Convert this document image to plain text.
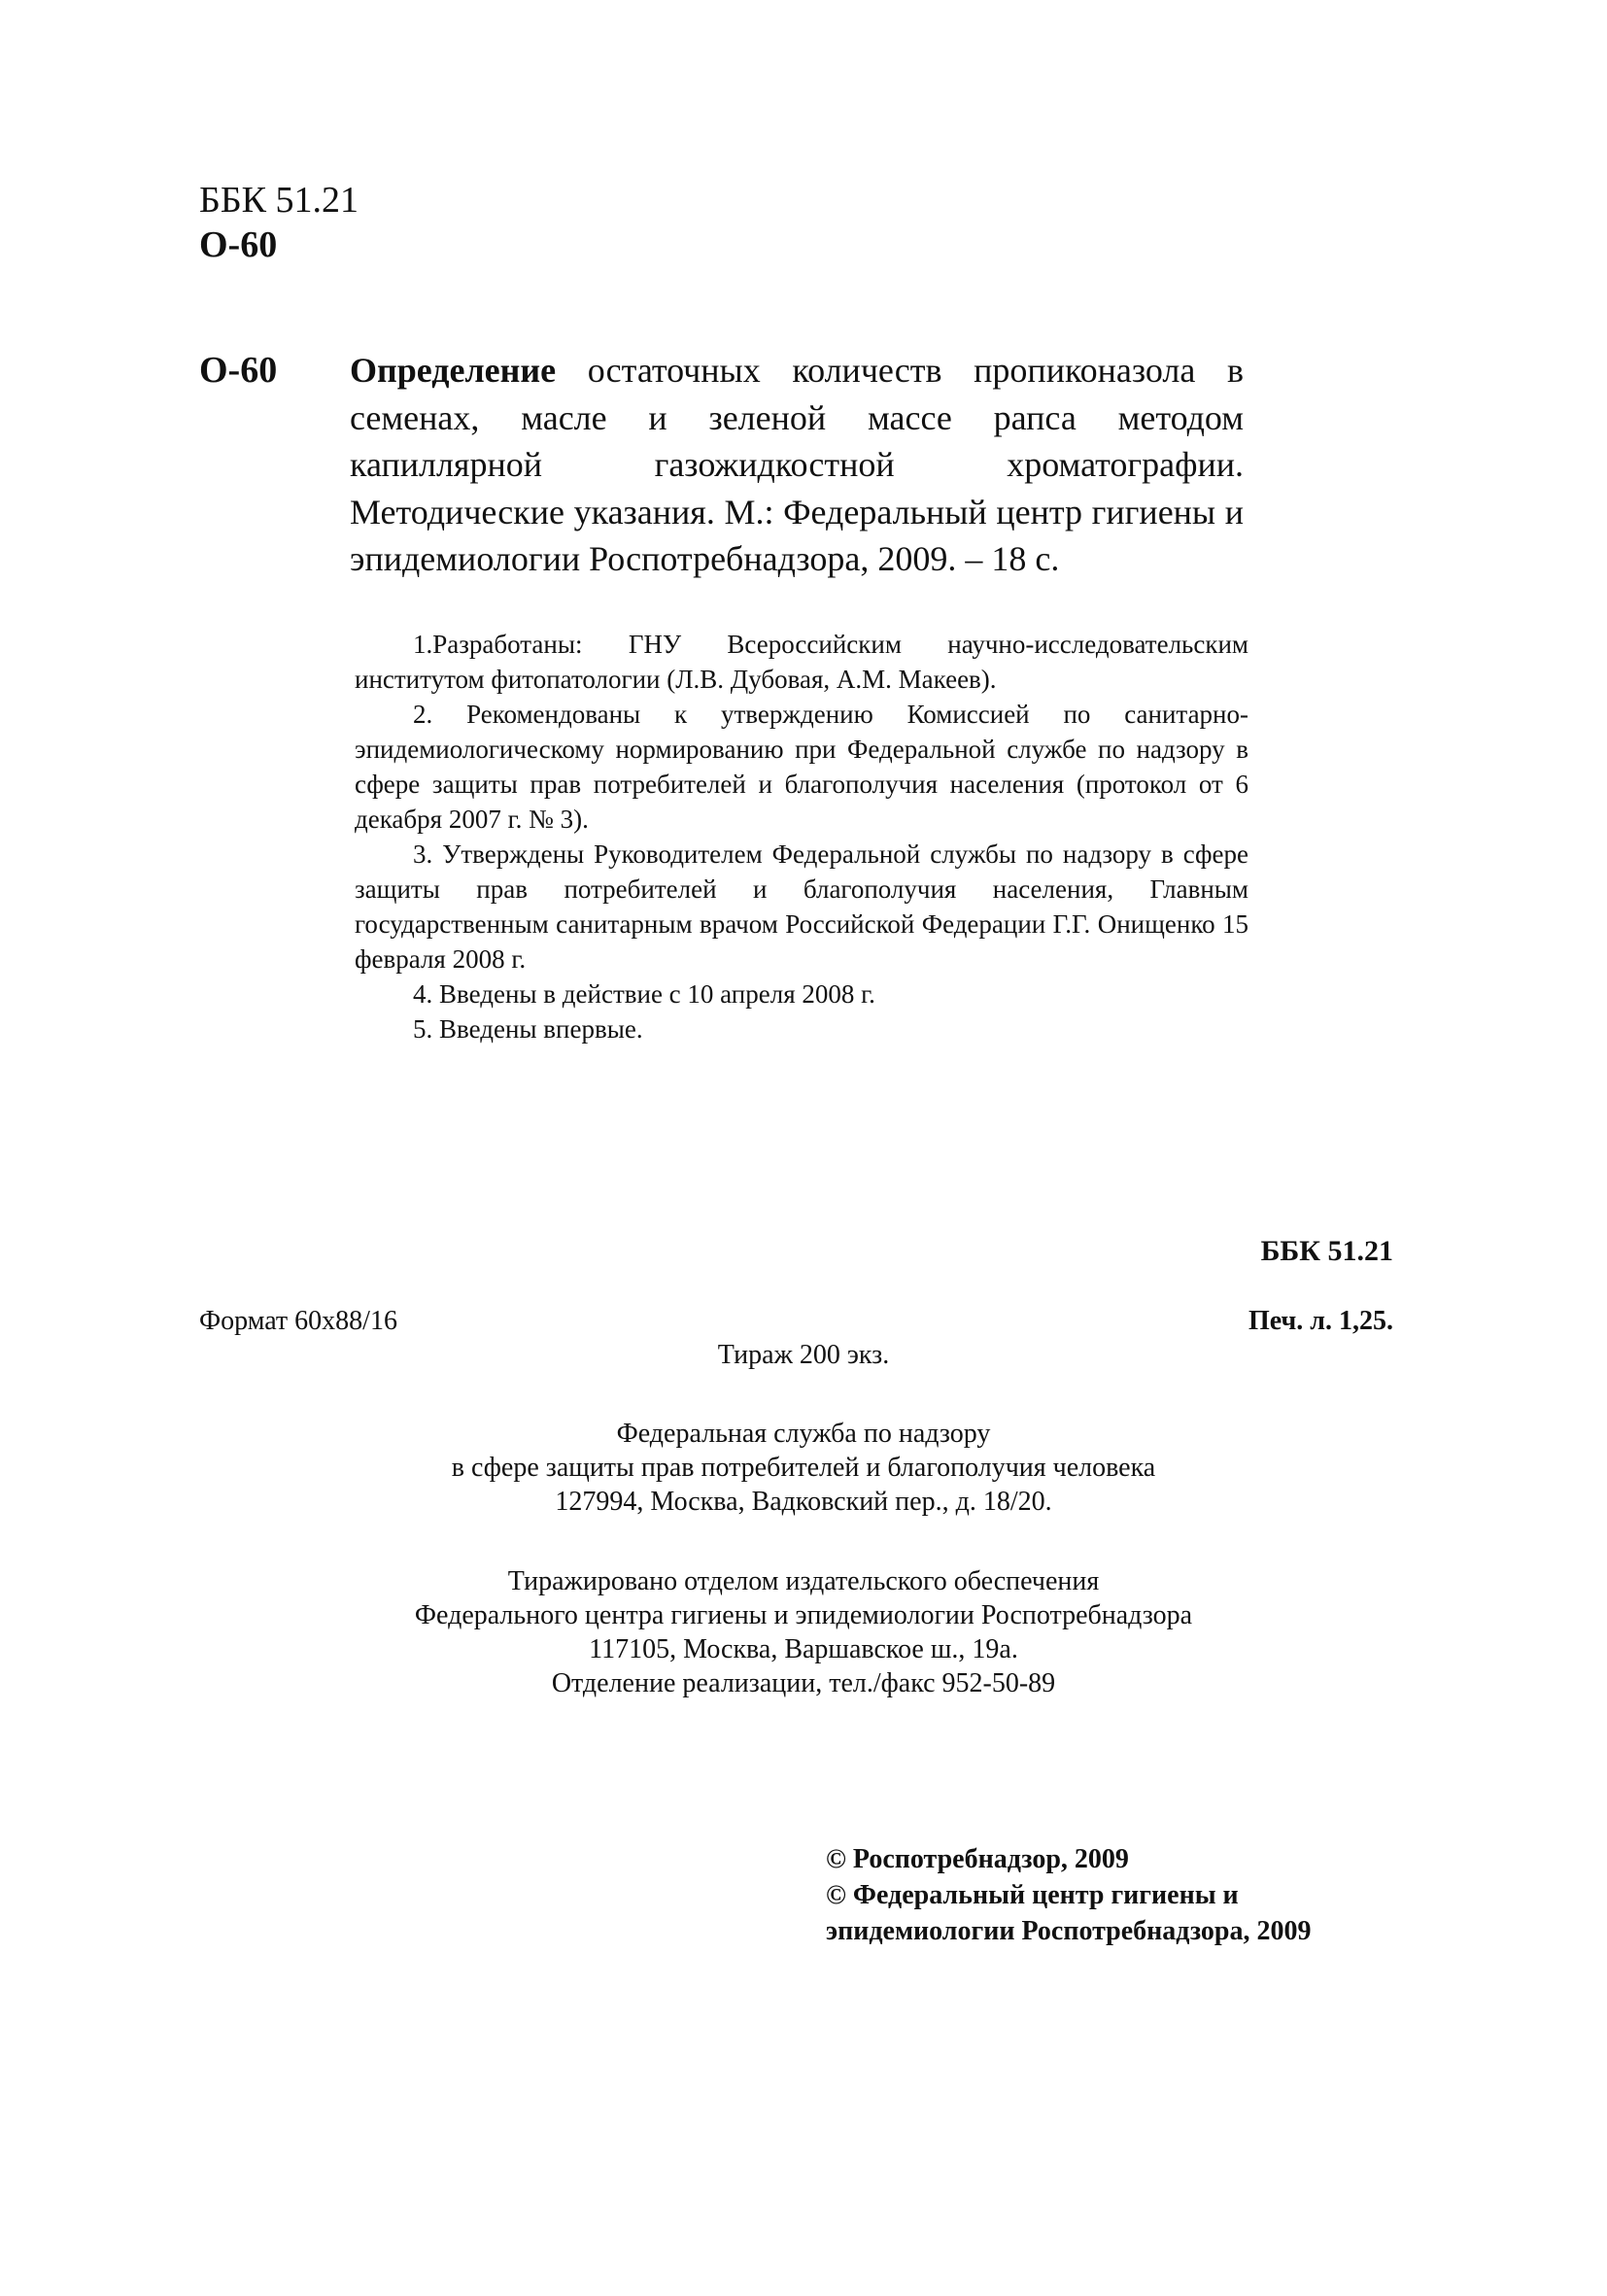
ББК 51.21
О-60
О-60 Определение остаточных количеств пропиконазола в семенах, масле и зеленой массе рапса методом капиллярной газожидкостной хроматографии. Методические указания. М.: Федеральный центр гигиены и эпидемиологии Роспотребнадзора, 2009. – 18 с.

1.Разработаны: ГНУ Всероссийским научно-исследовательским институтом фитопатологии (Л.В. Дубовая, А.М. Макеев).

2. Рекомендованы к утверждению Комиссией по санитарно-эпидемиологическому нормированию при Федеральной службе по надзору в сфере защиты прав потребителей и благополучия населения (протокол от 6 декабря 2007 г. № 3).

3. Утверждены Руководителем Федеральной службы по надзору в сфере защиты прав потребителей и благополучия населения, Главным государственным санитарным врачом Российской Федерации Г.Г. Онищенко 15 февраля 2008 г.

4. Введены в действие с 10 апреля 2008 г.

5. Введены впервые.

ББК 51.21
Формат 60х88/16	Печ. л. 1,25.
Тираж 200 экз.
Федеральная служба по надзору
в сфере защиты прав потребителей и благополучия человека
127994, Москва, Вадковский пер., д. 18/20.
Тиражировано отделом издательского обеспечения
Федерального центра гигиены и эпидемиологии Роспотребнадзора
117105, Москва, Варшавское ш., 19а.
Отделение реализации, тел./факс 952-50-89
© Роспотребнадзор, 2009
© Федеральный центр гигиены и
эпидемиологии Роспотребнадзора, 2009
